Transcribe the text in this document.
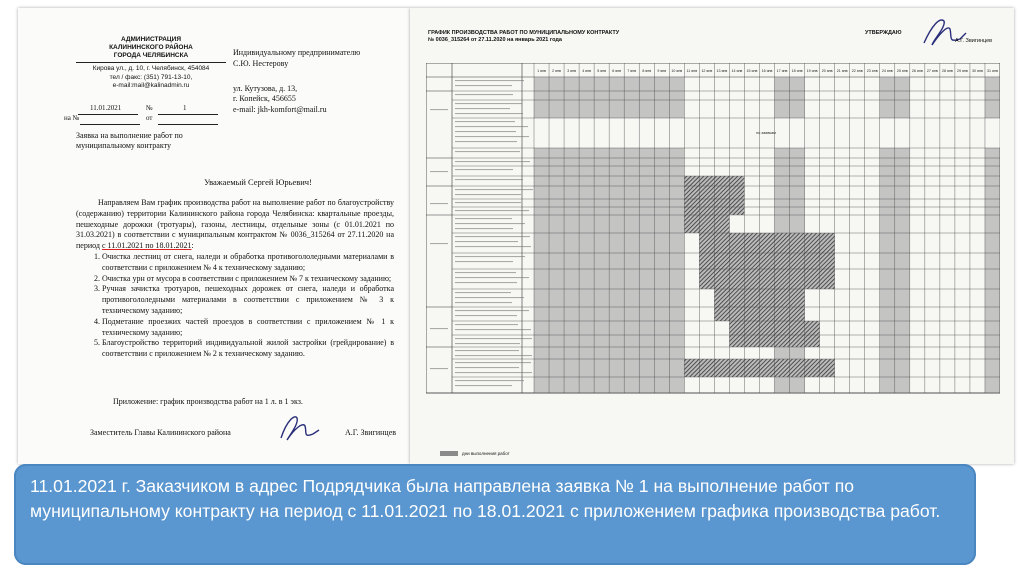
АДМИНИСТРАЦИЯ
КАЛИНИНСКОГО РАЙОНА
ГОРОДА ЧЕЛЯБИНСКА
Кирова ул., д. 10, г. Челябинск, 454084
тел / факс: (351) 791-13-10,
e-mail:mail@kalinadmin.ru
11.01.2021	№	1
на №	от
Индивидуальному предпринимателю
С.Ю. Нестерову
ул. Кутузова, д. 13,
г. Копейск, 456655
e-mail: jkh-komfort@mail.ru
Заявка на выполнение работ по муниципальному контракту
Уважаемый Сергей Юрьевич!
Направляем Вам график производства работ на выполнение работ по благоустройству (содержанию) территории Калининского района города Челябинска: квартальные проезды, пешеходные дорожки (тротуары), газоны, лестницы, отдельные зоны (с 01.01.2021 по 31.03.2021) в соответствии с муниципальным контрактом № 0036_315264 от 27.11.2020 на период с 11.01.2021 по 18.01.2021:
1. Очистка лестниц от снега, наледи и обработка противогололедными материалами в соответствии с приложением № 4 к техническому заданию;
2. Очистка урн от мусора в соответствии с приложением № 7 к техническому заданию;
3. Ручная зачистка тротуаров, пешеходных дорожек от снега, наледи и обработка противогололедными материалами в соответствии с приложением № 3 к техническому заданию;
4. Подметание проезжих частей проездов в соответствии с приложением № 1 к техническому заданию;
5. Благоустройство территорий индивидуальной жилой застройки (грейдирование) в соответствии с приложением № 2 к техническому заданию.
Приложение: график производства работ на 1 л. в 1 экз.
Заместитель Главы Калининского района	А.Г. Звигинцев
ГРАФИК ПРОИЗВОДСТВА РАБОТ ПО МУНИЦИПАЛЬНОМУ КОНТРАКТУ
№ 0036_315264 от 27.11.2020 на январь 2021 года
УТВЕРЖДАЮ
А.Г. Звигинцев
1 янв 2 янв 3 янв 4 янв 5 янв 6 янв 7 янв 8 янв 9 янв 10 янв 11 янв 12 янв 13 янв 14 янв 15 янв 16 янв 17 янв 18 янв 19 янв 20 янв 21 янв 22 янв 23 янв 24 янв 25 янв 26 янв 27 янв 28 янв 29 янв 30 янв 31 янв
по заявкам
дни выполнения работ
11.01.2021 г. Заказчиком в адрес Подрядчика была направлена заявка № 1 на выполнение работ по муниципальному контракту на период с 11.01.2021 по 18.01.2021 с приложением графика производства работ.
